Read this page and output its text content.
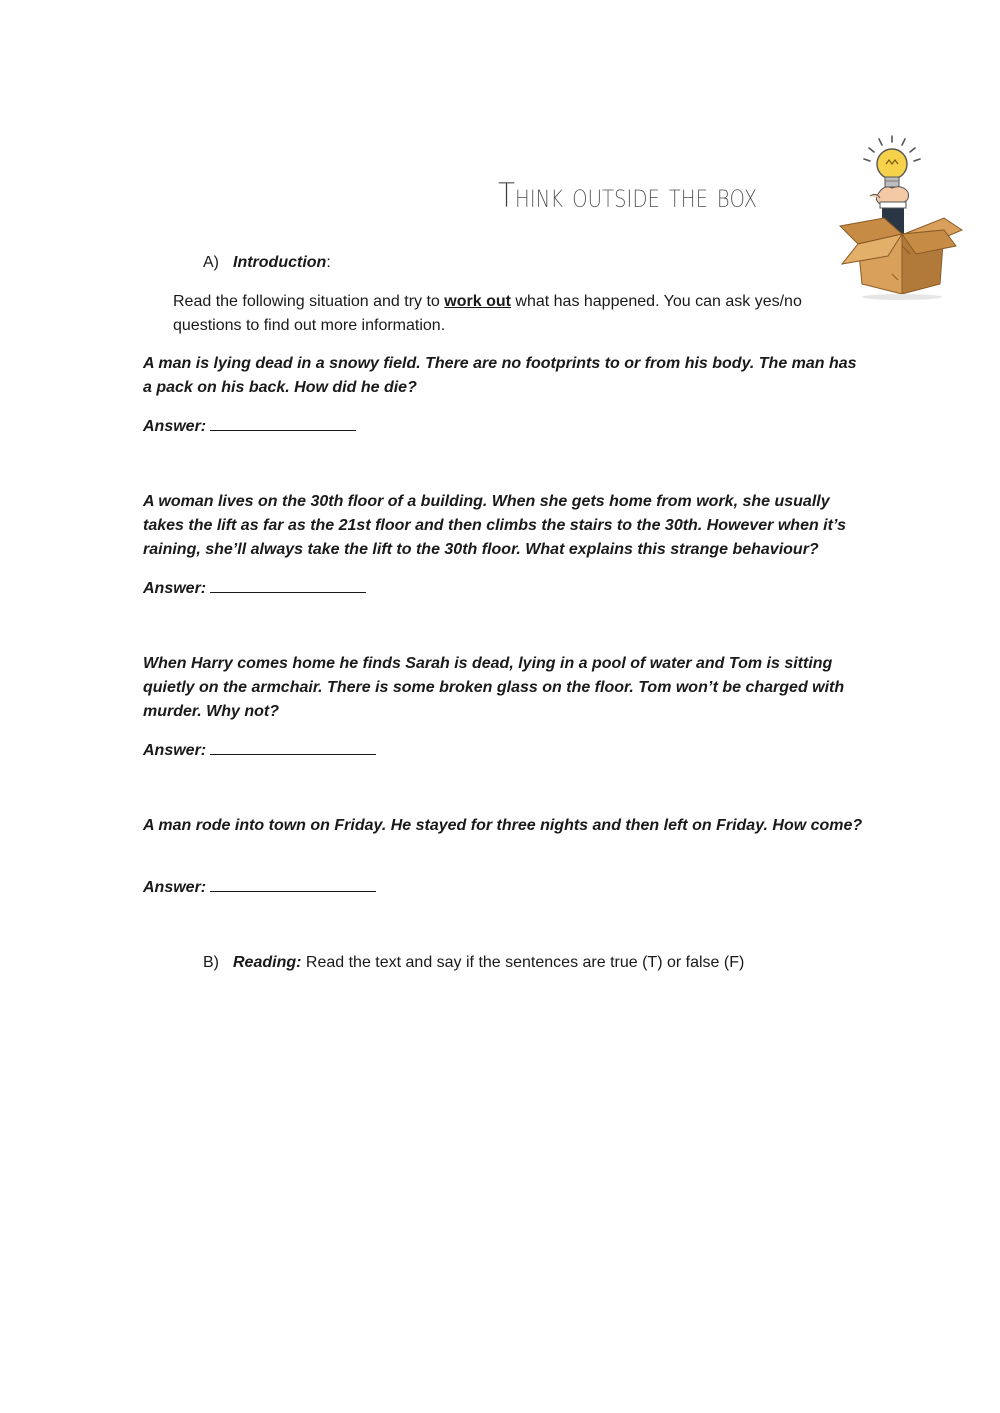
Think outside the box
A) Introduction:
Read the following situation and try to work out what has happened. You can ask yes/no questions to find out more information.
A man is lying dead in a snowy field. There are no footprints to or from his body. The man has a pack on his back. How did he die?
Answer:
A woman lives on the 30th floor of a building. When she gets home from work, she usually takes the lift as far as the 21st floor and then climbs the stairs to the 30th. However when it’s raining, she’ll always take the lift to the 30th floor. What explains this strange behaviour?
Answer:
When Harry comes home he finds Sarah is dead, lying in a pool of water and Tom is sitting quietly on the armchair. There is some broken glass on the floor. Tom won’t be charged with murder. Why not?
Answer:
A man rode into town on Friday. He stayed for three nights and then left on Friday. How come?
Answer:
B) Reading: Read the text and say if the sentences are true (T) or false (F)
